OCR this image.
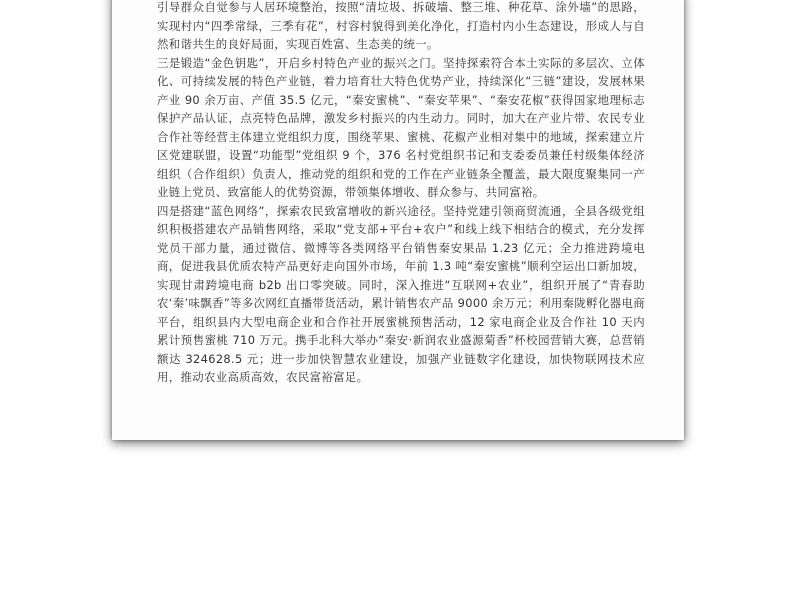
引导群众自觉参与人居环境整治，按照“清垃圾、拆破墙、整三堆、种花草、涂外墙”的思路，实现村内“四季常绿，三季有花”，村容村貌得到美化净化，打造村内小生态建设，形成人与自然和谐共生的良好局面，实现百姓富、生态美的统一。

三是锻造“金色钥匙”，开启乡村特色产业的振兴之门。坚持探索符合本土实际的多层次、立体化、可持续发展的特色产业链，着力培育壮大特色优势产业，持续深化“三链”建设，发展林果产业 90 余万亩、产值 35.5 亿元，“秦安蜜桃”、“秦安苹果”、“秦安花椒”获得国家地理标志保护产品认证，点亮特色品牌，激发乡村振兴的内生动力。同时，加大在产业片带、农民专业合作社等经营主体建立党组织力度，围绕苹果、蜜桃、花椒产业相对集中的地域，探索建立片区党建联盟，设置“功能型”党组织 9 个，376 名村党组织书记和支委委员兼任村级集体经济组织（合作组织）负责人，推动党的组织和党的工作在产业链条全覆盖，最大限度聚集同一产业链上党员、致富能人的优势资源，带领集体增收、群众参与、共同富裕。

四是搭建“蓝色网络”，探索农民致富增收的新兴途径。坚持党建引领商贸流通，全县各级党组织积极搭建农产品销售网络，采取“党支部+平台+农户”和线上线下相结合的模式，充分发挥党员干部力量，通过微信、微博等各类网络平台销售秦安果品 1.23 亿元；全力推进跨境电商，促进我县优质农特产品更好走向国外市场，年前 1.3 吨“秦安蜜桃”顺利空运出口新加坡，实现甘肃跨境电商 b2b 出口零突破。同时，深入推进“互联网+农业”，组织开展了“青春助农‘秦’味飘香”等多次网红直播带货活动，累计销售农产品 9000 余万元；利用秦陇孵化器电商平台，组织县内大型电商企业和合作社开展蜜桃预售活动，12 家电商企业及合作社 10 天内累计预售蜜桃 710 万元。携手北科大举办“秦安·新润农业盛源菊香”杯校园营销大赛，总营销额达 324628.5 元；进一步加快智慧农业建设，加强产业链数字化建设，加快物联网技术应用，推动农业高质高效，农民富裕富足。
